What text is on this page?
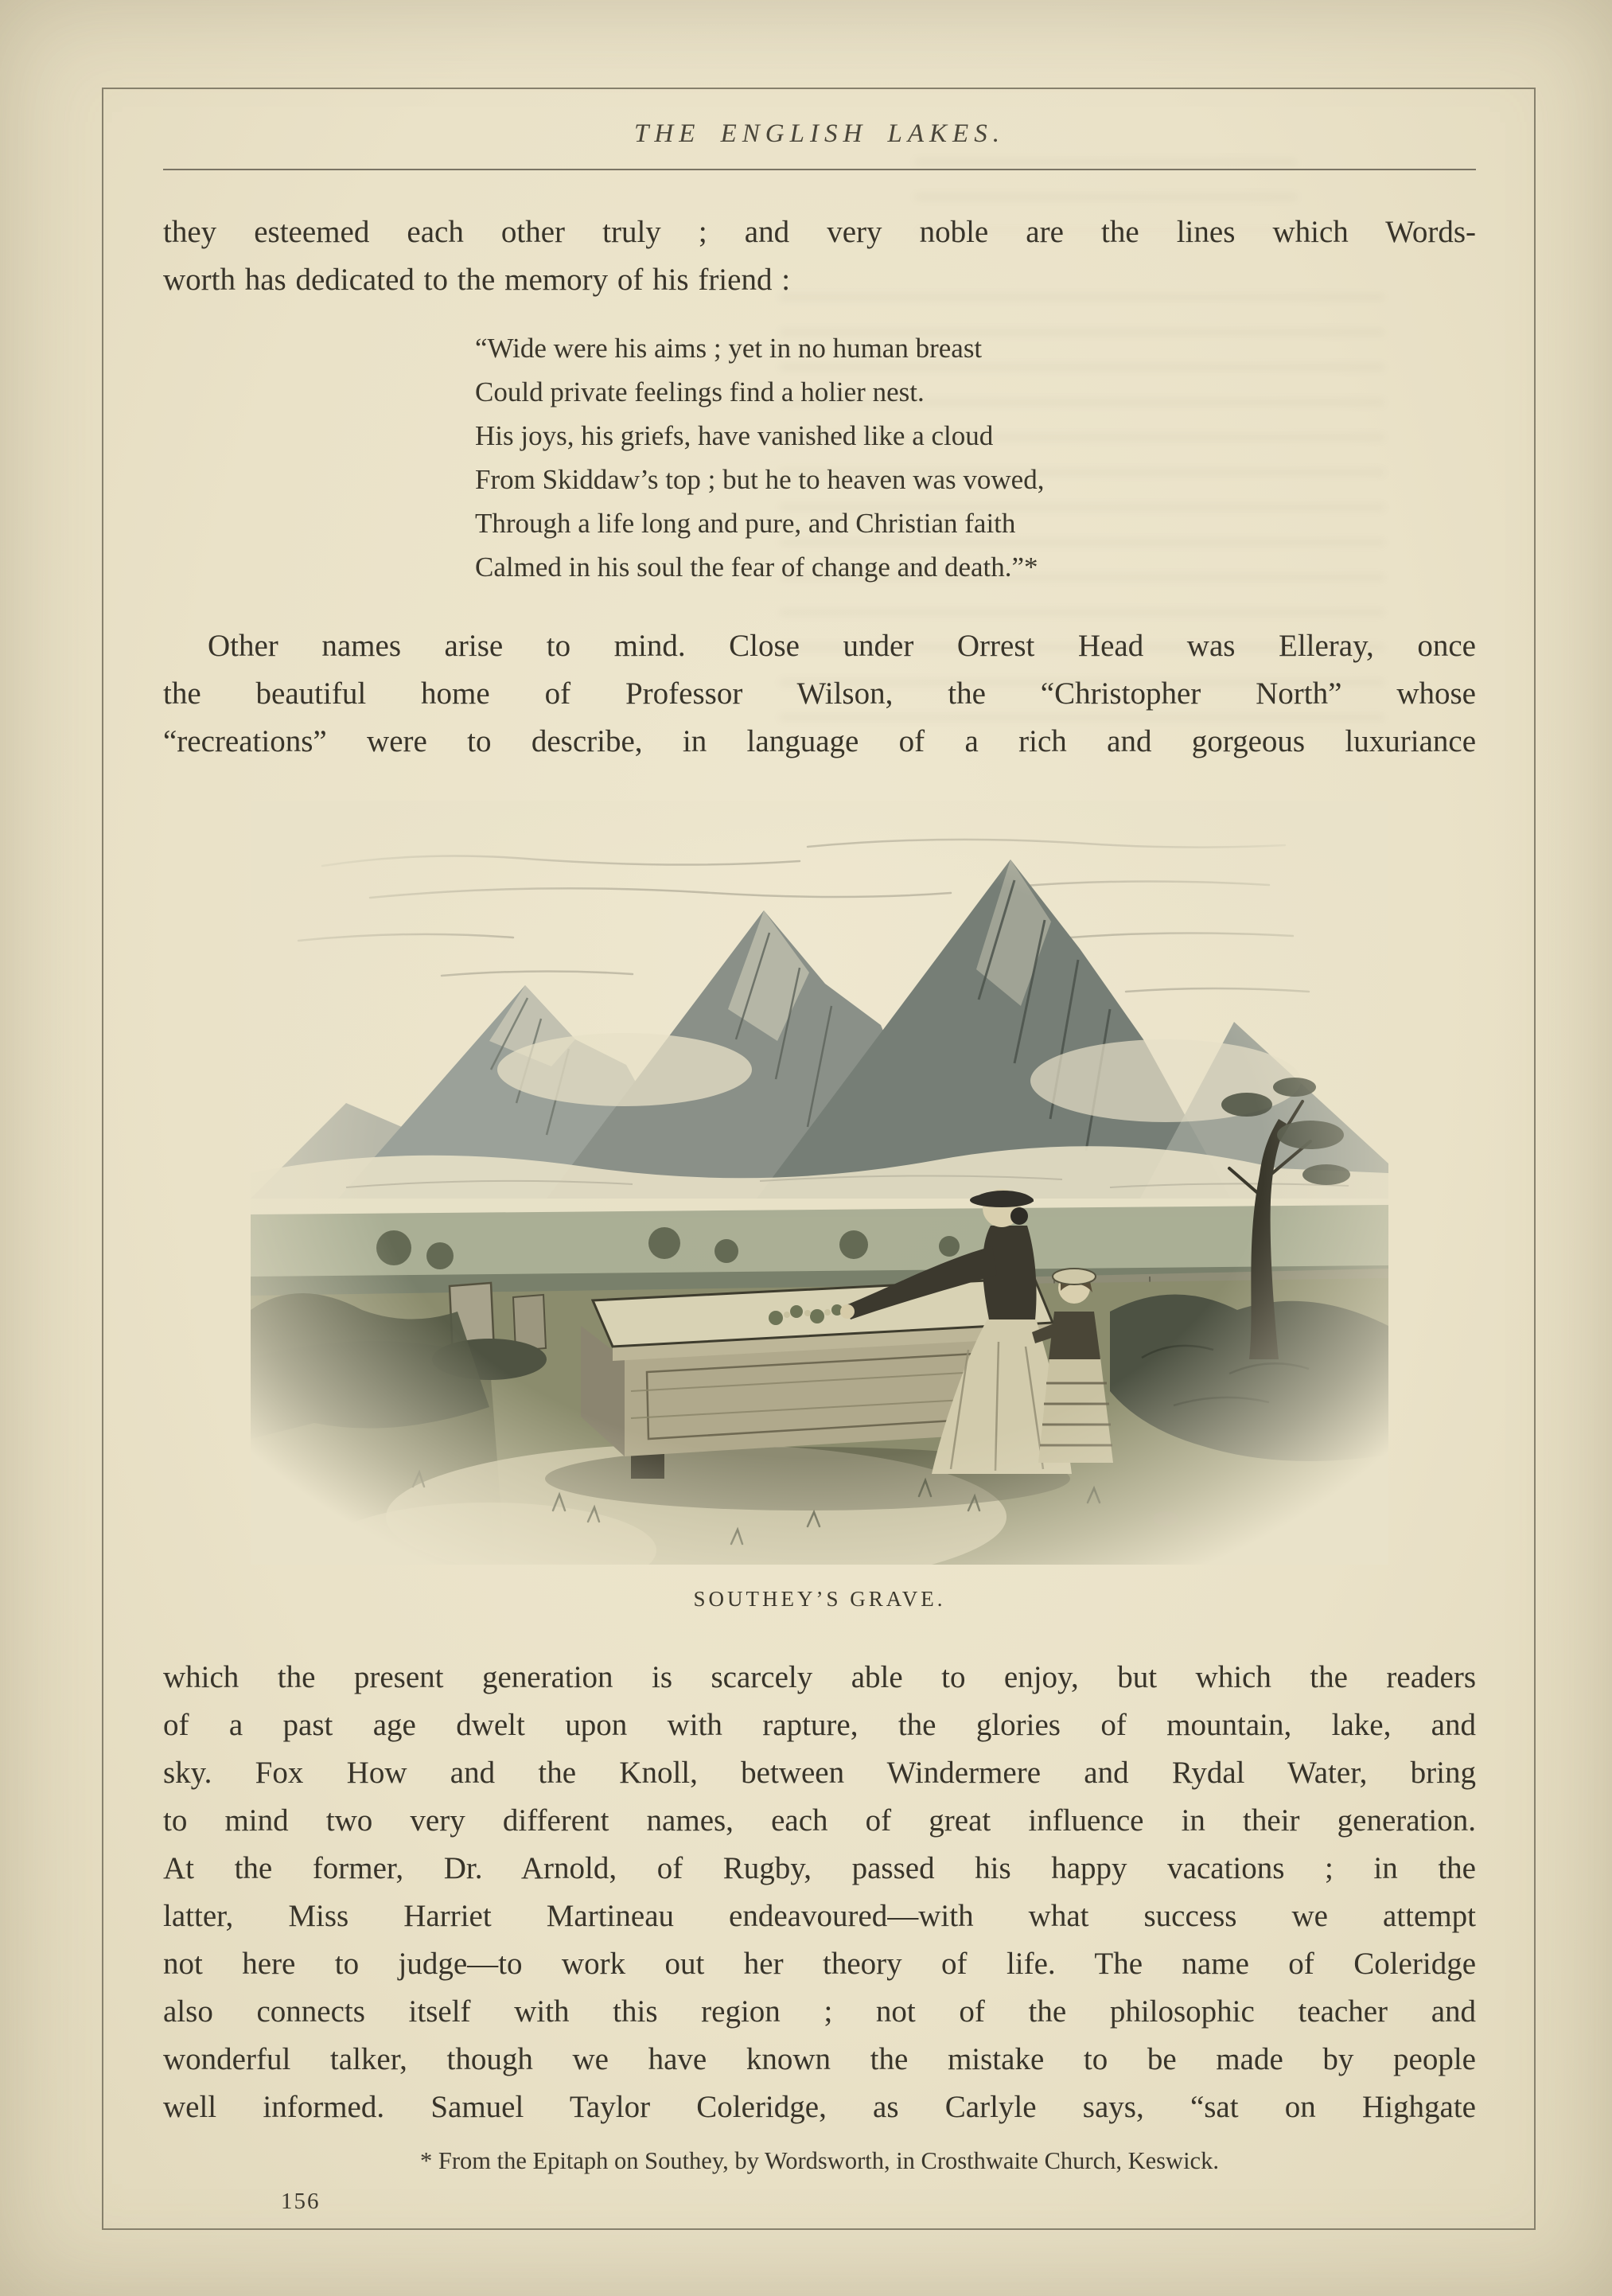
THE ENGLISH LAKES.
they esteemed each other truly ; and very noble are the lines which Words-
worth has dedicated to the memory of his friend :
“Wide were his aims ; yet in no human breast
Could private feelings find a holier nest.
His joys, his griefs, have vanished like a cloud
From Skiddaw’s top ; but he to heaven was vowed,
Through a life long and pure, and Christian faith
Calmed in his soul the fear of change and death.”*
Other names arise to mind. Close under Orrest Head was Elleray, once
the beautiful home of Professor Wilson, the “Christopher North” whose
“recreations” were to describe, in language of a rich and gorgeous luxuriance
SOUTHEY’S GRAVE.
which the present generation is scarcely able to enjoy, but which the readers
of a past age dwelt upon with rapture, the glories of mountain, lake, and
sky. Fox How and the Knoll, between Windermere and Rydal Water, bring
to mind two very different names, each of great influence in their generation.
At the former, Dr. Arnold, of Rugby, passed his happy vacations ; in the
latter, Miss Harriet Martineau endeavoured—with what success we attempt
not here to judge—to work out her theory of life. The name of Coleridge
also connects itself with this region ; not of the philosophic teacher and
wonderful talker, though we have known the mistake to be made by people
well informed. Samuel Taylor Coleridge, as Carlyle says, “sat on Highgate
* From the Epitaph on Southey, by Wordsworth, in Crosthwaite Church, Keswick.
156
